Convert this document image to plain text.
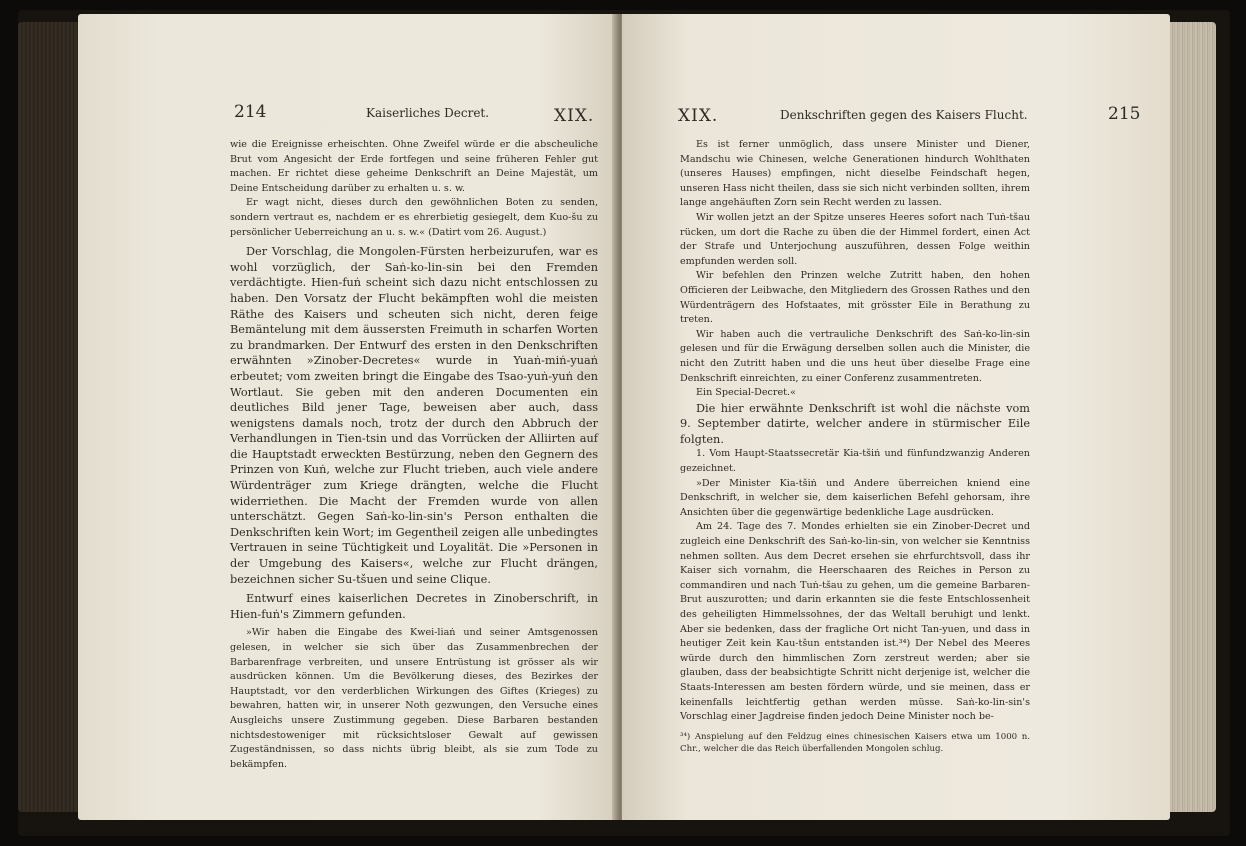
214	Kaiserliches Decret.	XIX.

wie die Ereignisse erheischten. Ohne Zweifel würde er die abscheuliche Brut vom Angesicht der Erde fortfegen und seine früheren Fehler gut machen. Er richtet diese geheime Denkschrift an Deine Majestät, um Deine Entscheidung darüber zu erhalten u. s. w.

Er wagt nicht, dieses durch den gewöhnlichen Boten zu senden, sondern vertraut es, nachdem er es ehrerbietig gesiegelt, dem Kuo-šu zu persönlicher Ueberreichung an u. s. w.« (Datirt vom 26. August.)

Der Vorschlag, die Mongolen-Fürsten herbeizurufen, war es wohl vorzüglich, der Saṅ-ko-lin-sin bei den Fremden verdächtigte. Hien-fuṅ scheint sich dazu nicht entschlossen zu haben. Den Vorsatz der Flucht bekämpften wohl die meisten Räthe des Kaisers und scheuten sich nicht, deren feige Bemäntelung mit dem äussersten Freimuth in scharfen Worten zu brandmarken. Der Entwurf des ersten in den Denkschriften erwähnten »Zinober-Decretes« wurde in Yuaṅ-miṅ-yuaṅ erbeutet; vom zweiten bringt die Eingabe des Tsao-yuṅ-yuṅ den Wortlaut. Sie geben mit den anderen Documenten ein deutliches Bild jener Tage, beweisen aber auch, dass wenigstens damals noch, trotz der durch den Abbruch der Verhandlungen in Tien-tsin und das Vorrücken der Alliirten auf die Hauptstadt erweckten Bestürzung, neben den Gegnern des Prinzen von Kuṅ, welche zur Flucht trieben, auch viele andere Würdenträger zum Kriege drängten, welche die Flucht widerriethen. Die Macht der Fremden wurde von allen unterschätzt. Gegen Saṅ-ko-lin-sin's Person enthalten die Denkschriften kein Wort; im Gegentheil zeigen alle unbedingtes Vertrauen in seine Tüchtigkeit und Loyalität. Die »Personen in der Umgebung des Kaisers«, welche zur Flucht drängen, bezeichnen sicher Su-tšuen und seine Clique.

Entwurf eines kaiserlichen Decretes in Zinoberschrift, in Hien-fuṅ's Zimmern gefunden.

»Wir haben die Eingabe des Kwei-liaṅ und seiner Amtsgenossen gelesen, in welcher sie sich über das Zusammenbrechen der Barbarenfrage verbreiten, und unsere Entrüstung ist grösser als wir ausdrücken können. Um die Bevölkerung dieses, des Bezirkes der Hauptstadt, vor den verderblichen Wirkungen des Giftes (Krieges) zu bewahren, hatten wir, in unserer Noth gezwungen, den Versuche eines Ausgleichs unsere Zustimmung gegeben. Diese Barbaren bestanden nichtsdestoweniger mit rücksichtsloser Gewalt auf gewissen Zugeständnissen, so dass nichts übrig bleibt, als sie zum Tode zu bekämpfen.

XIX.	Denkschriften gegen des Kaisers Flucht.	215

Es ist ferner unmöglich, dass unsere Minister und Diener, Mandschu wie Chinesen, welche Generationen hindurch Wohlthaten (unseres Hauses) empfingen, nicht dieselbe Feindschaft hegen, unseren Hass nicht theilen, dass sie sich nicht verbinden sollten, ihrem lange angehäuften Zorn sein Recht werden zu lassen.

Wir wollen jetzt an der Spitze unseres Heeres sofort nach Tuṅ-tšau rücken, um dort die Rache zu üben die der Himmel fordert, einen Act der Strafe und Unterjochung auszuführen, dessen Folge weithin empfunden werden soll.

Wir befehlen den Prinzen welche Zutritt haben, den hohen Officieren der Leibwache, den Mitgliedern des Grossen Rathes und den Würdenträgern des Hofstaates, mit grösster Eile in Berathung zu treten.

Wir haben auch die vertrauliche Denkschrift des Saṅ-ko-lin-sin gelesen und für die Erwägung derselben sollen auch die Minister, die nicht den Zutritt haben und die uns heut über dieselbe Frage eine Denkschrift einreichten, zu einer Conferenz zusammentreten.

Ein Special-Decret.«

Die hier erwähnte Denkschrift ist wohl die nächste vom 9. September datirte, welcher andere in stürmischer Eile folgten.

1. Vom Haupt-Staatssecretär Kia-tšiṅ und fünfundzwanzig Anderen gezeichnet.

»Der Minister Kia-tšiṅ und Andere überreichen kniend eine Denkschrift, in welcher sie, dem kaiserlichen Befehl gehorsam, ihre Ansichten über die gegenwärtige bedenkliche Lage ausdrücken.

Am 24. Tage des 7. Mondes erhielten sie ein Zinober-Decret und zugleich eine Denkschrift des Saṅ-ko-lin-sin, von welcher sie Kenntniss nehmen sollten. Aus dem Decret ersehen sie ehrfurchtsvoll, dass ihr Kaiser sich vornahm, die Heerschaaren des Reiches in Person zu commandiren und nach Tuṅ-tšau zu gehen, um die gemeine Barbaren-Brut auszurotten; und darin erkannten sie die feste Entschlossenheit des geheiligten Himmelssohnes, der das Weltall beruhigt und lenkt. Aber sie bedenken, dass der fragliche Ort nicht Tan-yuen, und dass in heutiger Zeit kein Kau-tšun entstanden ist.³⁴) Der Nebel des Meeres würde durch den himmlischen Zorn zerstreut werden; aber sie glauben, dass der beabsichtigte Schritt nicht derjenige ist, welcher die Staats-Interessen am besten fördern würde, und sie meinen, dass er keinenfalls leichtfertig gethan werden müsse. Saṅ-ko-lin-sin's Vorschlag einer Jagdreise finden jedoch Deine Minister noch be-

³⁴) Anspielung auf den Feldzug eines chinesischen Kaisers etwa um 1000 n. Chr., welcher die das Reich überfallenden Mongolen schlug.
